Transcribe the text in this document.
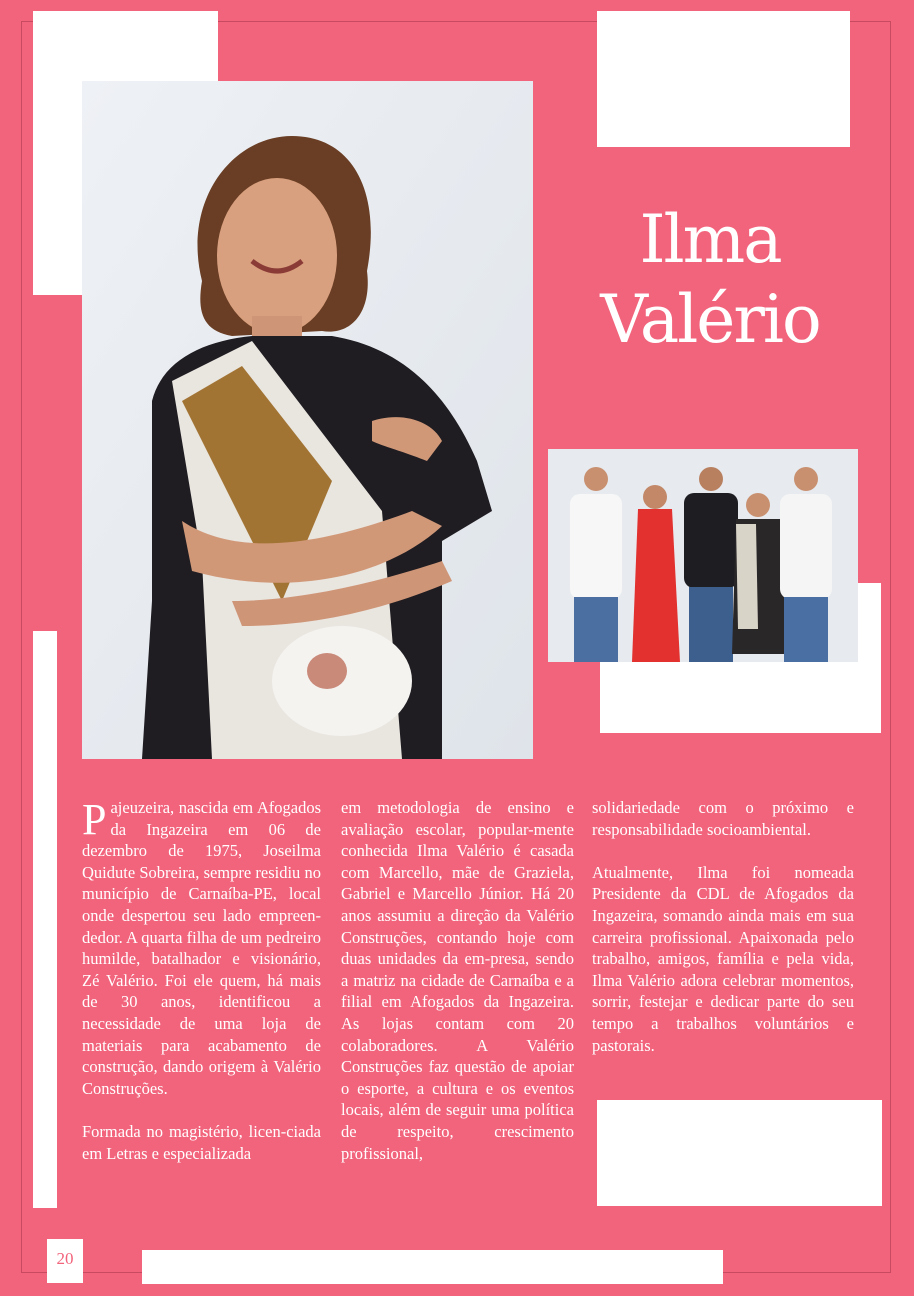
Ilma
Valério

Pajeuzeira, nascida em Afogados da Ingazeira em 06 de dezembro de 1975, Joseilma Quidute Sobreira, sempre residiu no município de Carnaíba-PE, local onde despertou seu lado empreen-dedor. A quarta filha de um pedreiro humilde, batalhador e visionário, Zé Valério. Foi ele quem, há mais de 30 anos, identificou a necessidade de uma loja de materiais para acabamento de construção, dando origem à Valério Construções.

Formada no magistério, licen-ciada em Letras e especializada

em metodologia de ensino e avaliação escolar, popular-mente conhecida Ilma Valério é casada com Marcello, mãe de Graziela, Gabriel e Marcello Júnior. Há 20 anos assumiu a direção da Valério Construções, contando hoje com duas unidades da em-presa, sendo a matriz na cidade de Carnaíba e a filial em Afogados da Ingazeira. As lojas contam com 20 colaboradores. A Valério Construções faz questão de apoiar o esporte, a cultura e os eventos locais, além de seguir uma política de respeito, crescimento profissional,

solidariedade com o próximo e responsabilidade socioambiental.

Atualmente, Ilma foi nomeada Presidente da CDL de Afogados da Ingazeira, somando ainda mais em sua carreira profissional. Apaixonada pelo trabalho, amigos, família e pela vida, Ilma Valério adora celebrar momentos, sorrir, festejar e dedicar parte do seu tempo a trabalhos voluntários e pastorais.

20
